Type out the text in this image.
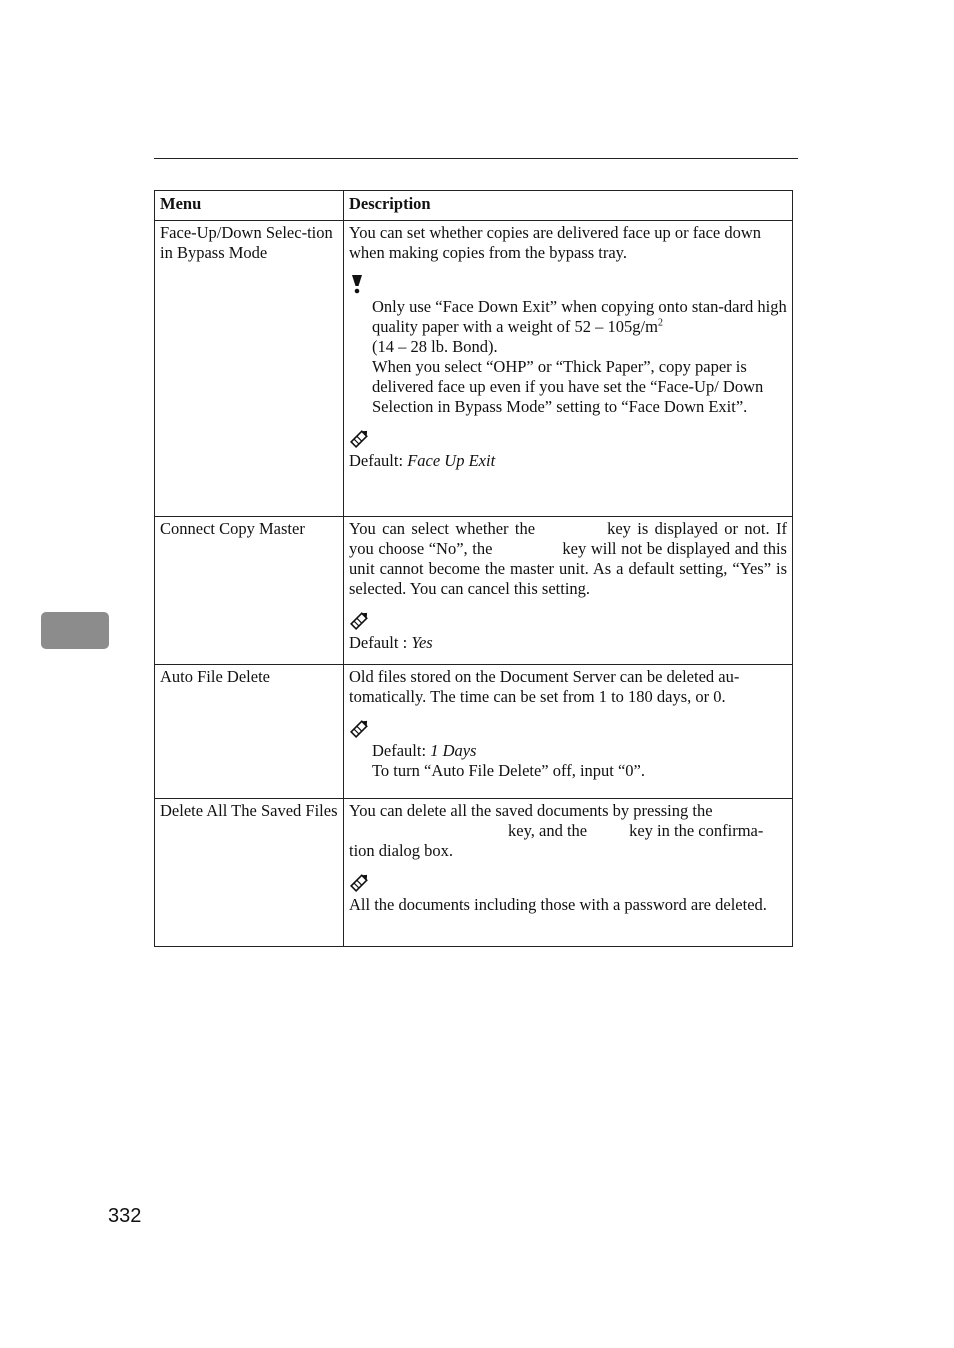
Menu	Description

Face-Up/Down Selec-tion in Bypass Mode	You can set whether copies are delivered face up or face down when making copies from the bypass tray.

Only use “Face Down Exit” when copying onto stan-dard high quality paper with a weight of $52 - 105g/m^2$
(14 – 28 lb. Bond).

When you select “OHP” or “Thick Paper”, copy paper is delivered face up even if you have set the “Face-Up/ Down Selection in Bypass Mode” setting to “Face Down Exit”.

Default: Face Up Exit

Connect Copy Master	You can select whether the key is displayed or not. If you choose “No”, the key will not be displayed and this unit cannot become the master unit. As a default setting, “Yes” is selected. You can cancel this setting.

Default : Yes

Auto File Delete	Old files stored on the Document Server can be deleted au-tomatically. The time can be set from 1 to 180 days, or 0.

Default: 1 Days

To turn “Auto File Delete” off, input “0”.

Delete All The Saved Files	You can delete all the saved documents by pressing the
key, and the key in the confirma-tion dialog box.

All the documents including those with a password are deleted.

332
